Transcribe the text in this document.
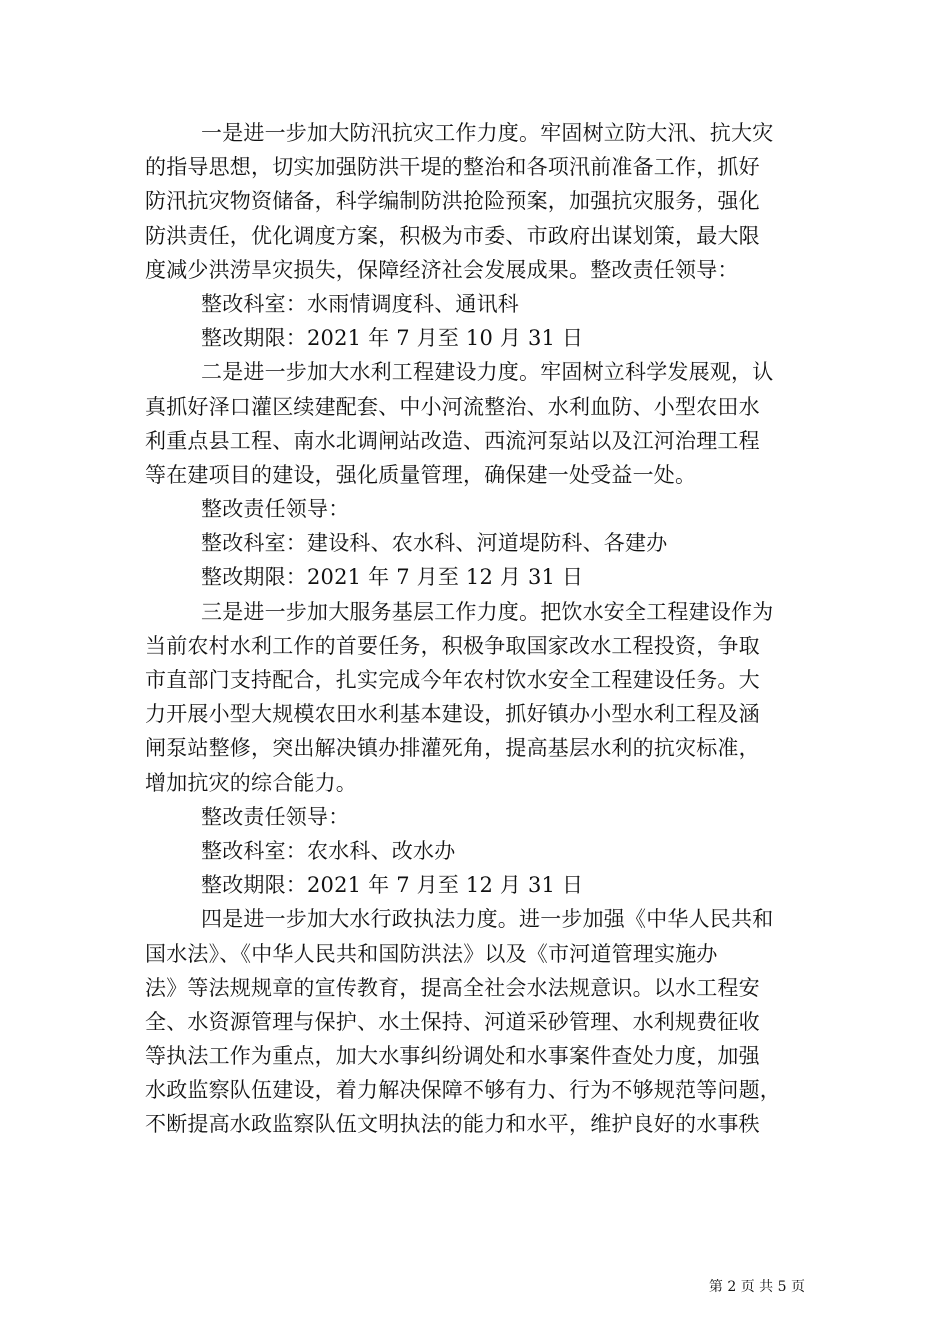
一是进一步加大防汛抗灾工作力度。牢固树立防大汛、抗大灾
的指导思想，切实加强防洪干堤的整治和各项汛前准备工作，抓好
防汛抗灾物资储备，科学编制防洪抢险预案，加强抗灾服务，强化
防洪责任，优化调度方案，积极为市委、市政府出谋划策，最大限
度减少洪涝旱灾损失，保障经济社会发展成果。整改责任领导：
整改科室：水雨情调度科、通讯科
整改期限：2021 年 7 月至 10 月 31 日
二是进一步加大水利工程建设力度。牢固树立科学发展观，认
真抓好泽口灌区续建配套、中小河流整治、水利血防、小型农田水
利重点县工程、南水北调闸站改造、西流河泵站以及江河治理工程
等在建项目的建设，强化质量管理，确保建一处受益一处。
整改责任领导：
整改科室：建设科、农水科、河道堤防科、各建办
整改期限：2021 年 7 月至 12 月 31 日
三是进一步加大服务基层工作力度。把饮水安全工程建设作为
当前农村水利工作的首要任务，积极争取国家改水工程投资，争取
市直部门支持配合，扎实完成今年农村饮水安全工程建设任务。大
力开展小型大规模农田水利基本建设，抓好镇办小型水利工程及涵
闸泵站整修，突出解决镇办排灌死角，提高基层水利的抗灾标准，
增加抗灾的综合能力。
整改责任领导：
整改科室：农水科、改水办
整改期限：2021 年 7 月至 12 月 31 日
四是进一步加大水行政执法力度。进一步加强《中华人民共和
国水法》、《中华人民共和国防洪法》以及《市河道管理实施办
法》等法规规章的宣传教育，提高全社会水法规意识。以水工程安
全、水资源管理与保护、水土保持、河道采砂管理、水利规费征收
等执法工作为重点，加大水事纠纷调处和水事案件查处力度，加强
水政监察队伍建设，着力解决保障不够有力、行为不够规范等问题，
不断提高水政监察队伍文明执法的能力和水平，维护良好的水事秩
第 2 页 共 5 页
